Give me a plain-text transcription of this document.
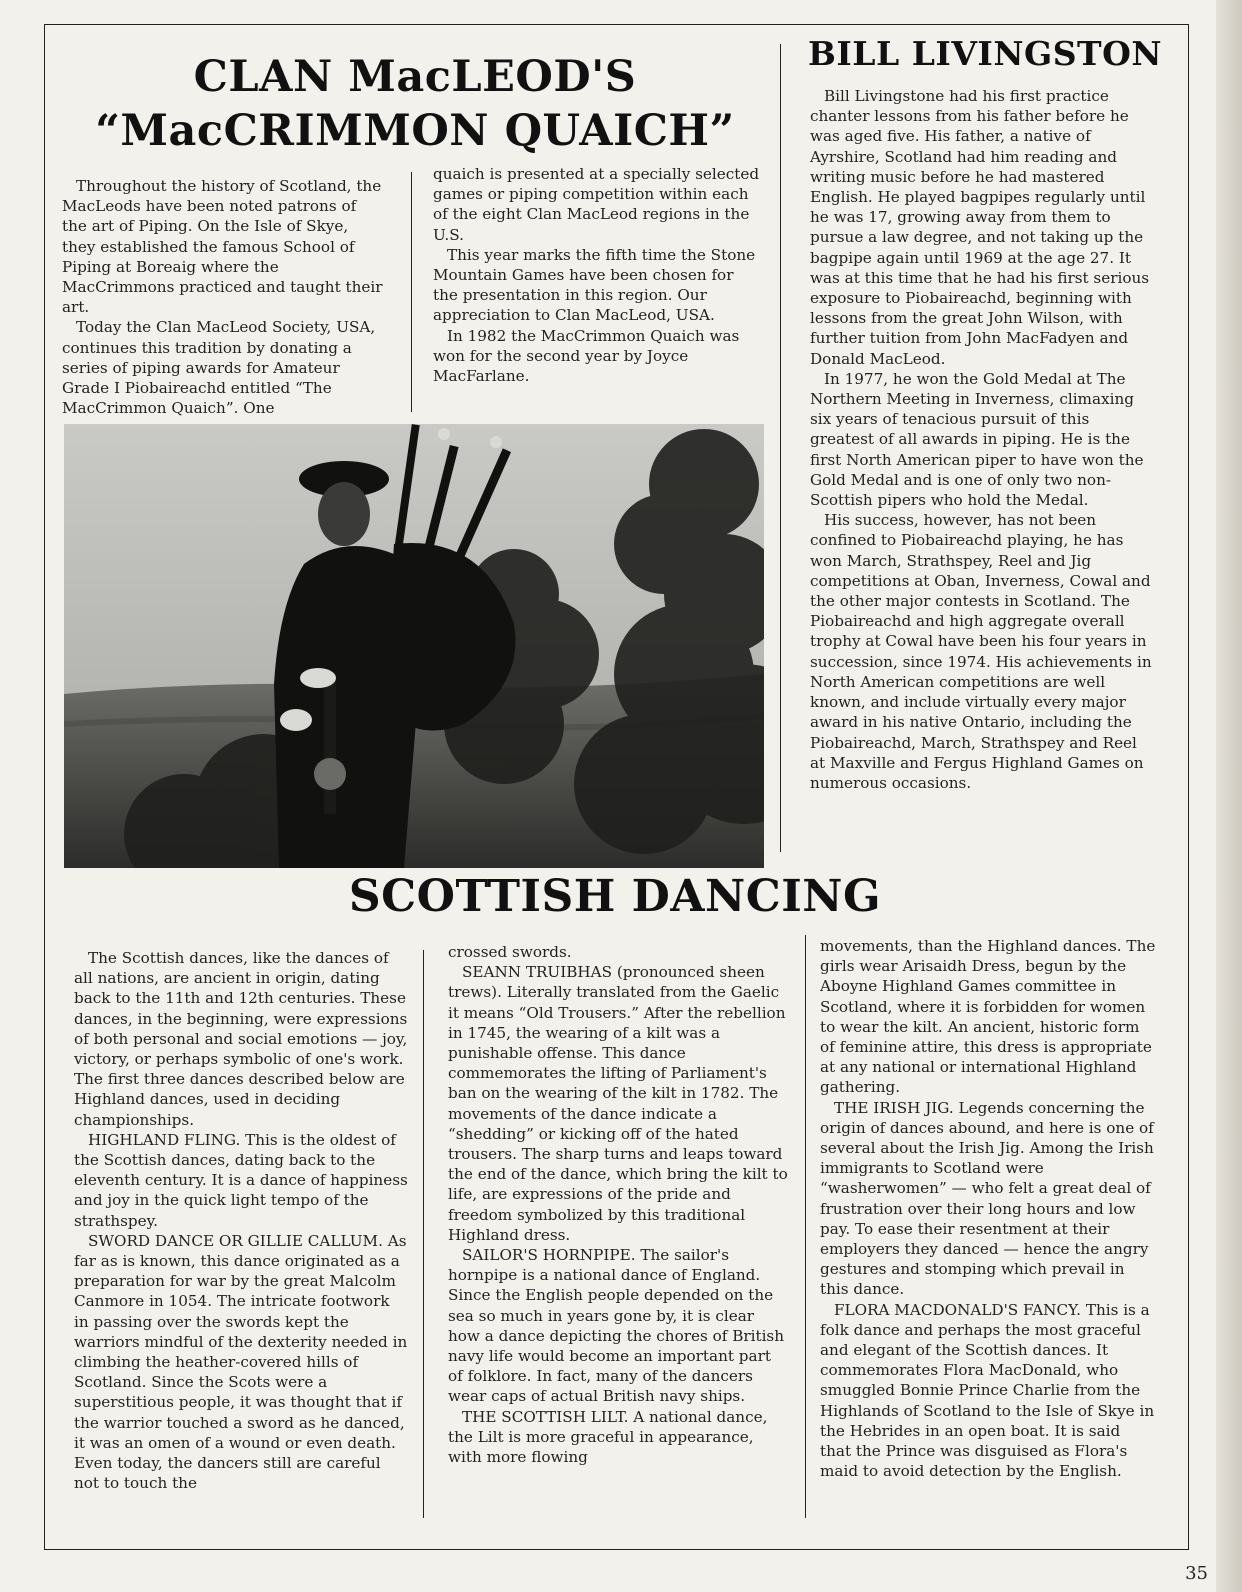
CLAN MacLEOD'S
“MacCRIMMON QUAICH”

Throughout the history of Scotland, the MacLeods have been noted patrons of the art of Piping. On the Isle of Skye, they established the famous School of Piping at Boreaig where the MacCrimmons practiced and taught their art.

Today the Clan MacLeod Society, USA, continues this tradition by donating a series of piping awards for Amateur Grade I Piobaireachd entitled “The MacCrimmon Quaich”. One

quaich is presented at a specially selected games or piping competition within each of the eight Clan MacLeod regions in the U.S.

This year marks the fifth time the Stone Mountain Games have been chosen for the presentation in this region. Our appreciation to Clan MacLeod, USA.

In 1982 the MacCrimmon Quaich was won for the second year by Joyce MacFarlane.

BILL LIVINGSTON

Bill Livingstone had his first practice chanter lessons from his father before he was aged five. His father, a native of Ayrshire, Scotland had him reading and writing music before he had mastered English. He played bagpipes regularly until he was 17, growing away from them to pursue a law degree, and not taking up the bagpipe again until 1969 at the age 27. It was at this time that he had his first serious exposure to Piobaireachd, beginning with lessons from the great John Wilson, with further tuition from John MacFadyen and Donald MacLeod.

In 1977, he won the Gold Medal at The Northern Meeting in Inverness, climaxing six years of tenacious pursuit of this greatest of all awards in piping. He is the first North American piper to have won the Gold Medal and is one of only two non-Scottish pipers who hold the Medal.

His success, however, has not been confined to Piobaireachd playing, he has won March, Strathspey, Reel and Jig competitions at Oban, Inverness, Cowal and the other major contests in Scotland. The Piobaireachd and high aggregate overall trophy at Cowal have been his four years in succession, since 1974. His achievements in North American competitions are well known, and include virtually every major award in his native Ontario, including the Piobaireachd, March, Strathspey and Reel at Maxville and Fergus Highland Games on numerous occasions.

SCOTTISH DANCING

The Scottish dances, like the dances of all nations, are ancient in origin, dating back to the 11th and 12th centuries. These dances, in the beginning, were expressions of both personal and social emotions — joy, victory, or perhaps symbolic of one's work. The first three dances described below are Highland dances, used in deciding championships.

HIGHLAND FLING. This is the oldest of the Scottish dances, dating back to the eleventh century. It is a dance of happiness and joy in the quick light tempo of the strathspey.

SWORD DANCE OR GILLIE CALLUM. As far as is known, this dance originated as a preparation for war by the great Malcolm Canmore in 1054. The intricate footwork in passing over the swords kept the warriors mindful of the dexterity needed in climbing the heather-covered hills of Scotland. Since the Scots were a superstitious people, it was thought that if the warrior touched a sword as he danced, it was an omen of a wound or even death. Even today, the dancers still are careful not to touch the

crossed swords.

SEANN TRUIBHAS (pronounced sheen trews). Literally translated from the Gaelic it means “Old Trousers.” After the rebellion in 1745, the wearing of a kilt was a punishable offense. This dance commemorates the lifting of Parliament's ban on the wearing of the kilt in 1782. The movements of the dance indicate a “shedding” or kicking off of the hated trousers. The sharp turns and leaps toward the end of the dance, which bring the kilt to life, are expressions of the pride and freedom symbolized by this traditional Highland dress.

SAILOR'S HORNPIPE. The sailor's hornpipe is a national dance of England. Since the English people depended on the sea so much in years gone by, it is clear how a dance depicting the chores of British navy life would become an important part of folklore. In fact, many of the dancers wear caps of actual British navy ships.

THE SCOTTISH LILT. A national dance, the Lilt is more graceful in appearance, with more flowing

movements, than the Highland dances. The girls wear Arisaidh Dress, begun by the Aboyne Highland Games committee in Scotland, where it is forbidden for women to wear the kilt. An ancient, historic form of feminine attire, this dress is appropriate at any national or international Highland gathering.

THE IRISH JIG. Legends concerning the origin of dances abound, and here is one of several about the Irish Jig. Among the Irish immigrants to Scotland were “washerwomen” — who felt a great deal of frustration over their long hours and low pay. To ease their resentment at their employers they danced — hence the angry gestures and stomping which prevail in this dance.

FLORA MACDONALD'S FANCY. This is a folk dance and perhaps the most graceful and elegant of the Scottish dances. It commemorates Flora MacDonald, who smuggled Bonnie Prince Charlie from the Highlands of Scotland to the Isle of Skye in the Hebrides in an open boat. It is said that the Prince was disguised as Flora's maid to avoid detection by the English.

35
